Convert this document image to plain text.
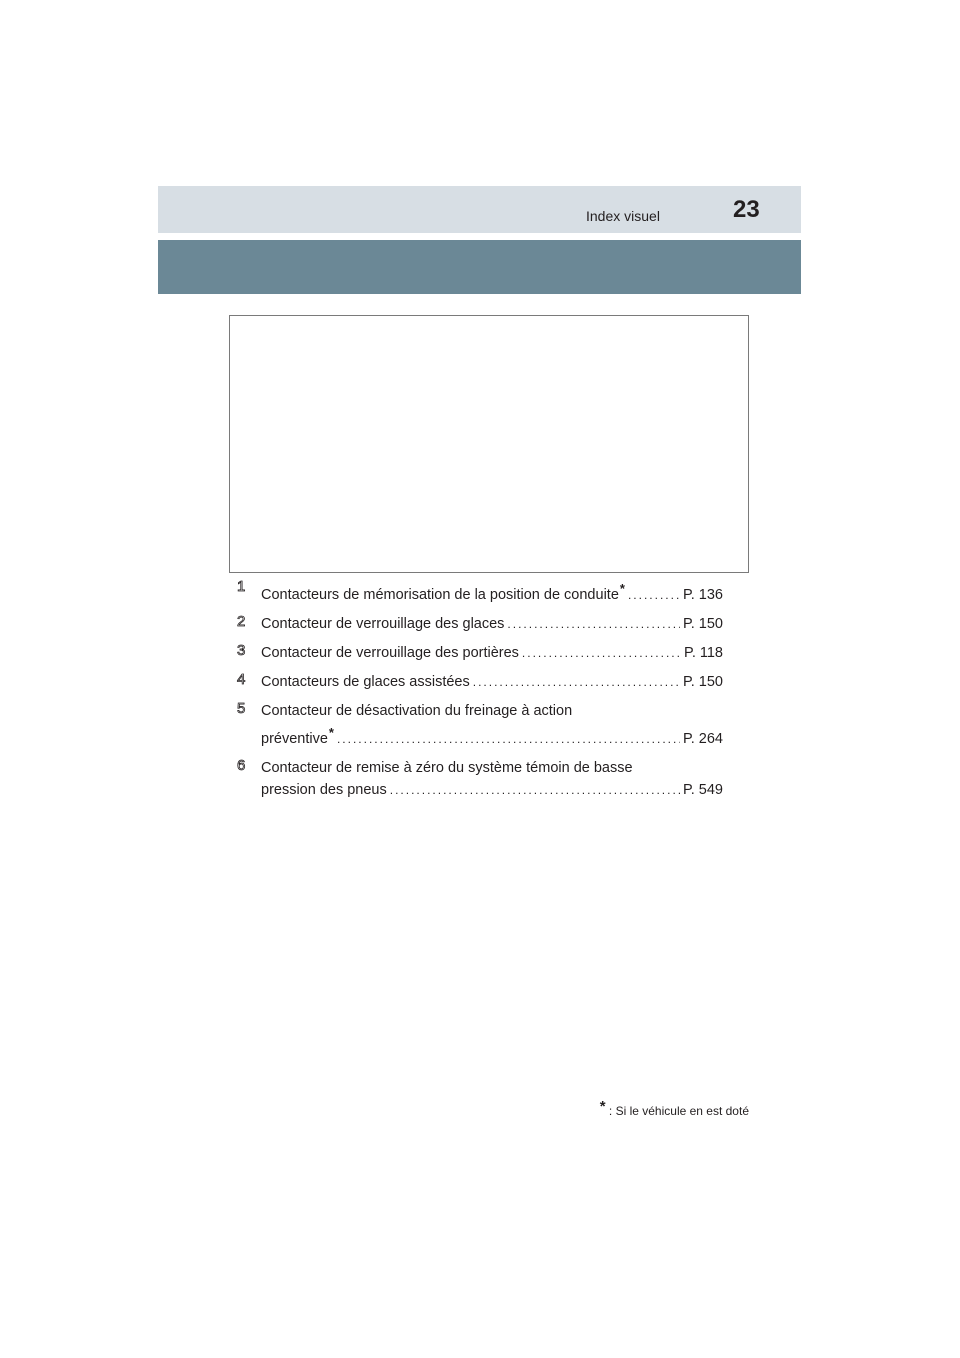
Index visuel	23
1 Contacteurs de mémorisation de la position de conduite* .....	P. 136
2 Contacteur de verrouillage des glaces .....	P. 150
3 Contacteur de verrouillage des portières .....	P. 118
4 Contacteurs de glaces assistées .....	P. 150
5 Contacteur de désactivation du freinage à action
préventive* .....	P. 264
6 Contacteur de remise à zéro du système témoin de basse
pression des pneus .....	P. 549
* : Si le véhicule en est doté
